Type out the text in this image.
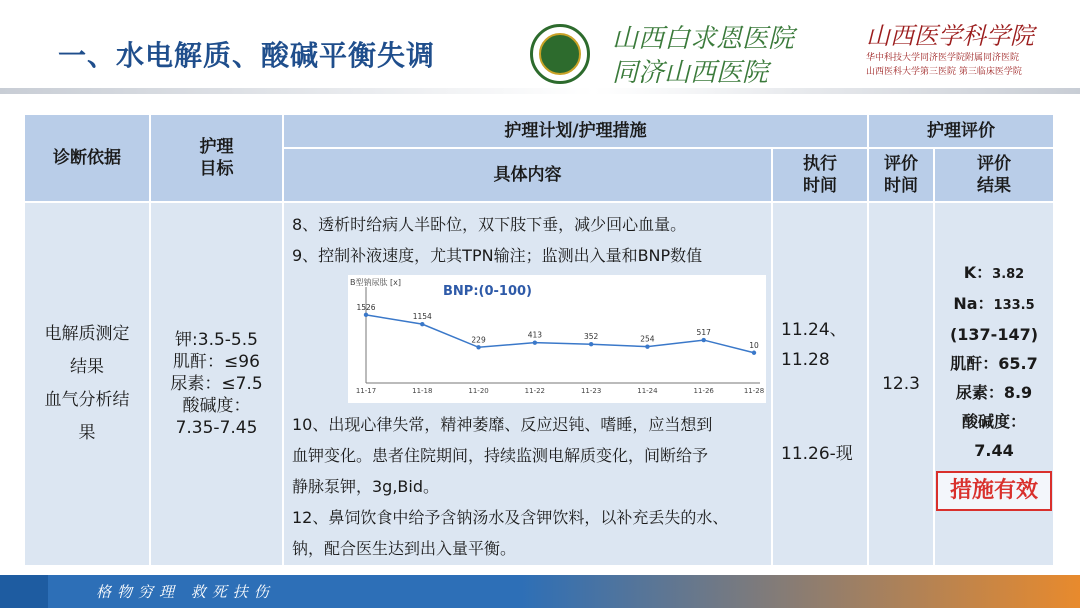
一、水电解质、酸碱平衡失调	山西白求恩医院
同济山西医院
山西医学科学院
华中科技大学同济医学院附属同济医院
山西医科大学第三医院 第三临床医学院
诊断依据
护理
目标
护理计划/护理措施	护理评价
具体内容
执行
时间
评价
时间
评价
结果
电解质测定
结果
血气分析结
果
钾:3.5-5.5
肌酐：≤96
尿素：≤7.5
酸碱度：
7.35-7.45
8、透析时给病人半卧位，双下肢下垂，减少回心血量。
9、控制补液速度，尤其TPN输注；监测出入量和BNP数值
B型钠尿肽 [x]
BNP:(0-100)
1526
11-17
1154
11-18
229
11-20
413
11-22
352
11-23
254
11-24
517
11-26
10
11-28
10、出现心律失常，精神萎靡、反应迟钝、嗜睡，应当想到
血钾变化。患者住院期间，持续监测电解质变化，间断给予
静脉泵钾，3g,Bid。
12、鼻饲饮食中给予含钠汤水及含钾饮料，以补充丢失的水、
钠，配合医生达到出入量平衡。
11.24、
11.28
11.26-现
12.3
K：3.82
Na：133.5
(137-147)
肌酐：65.7
尿素：8.9
酸碱度：
7.44
措施有效
格物穷理 救死扶伤
